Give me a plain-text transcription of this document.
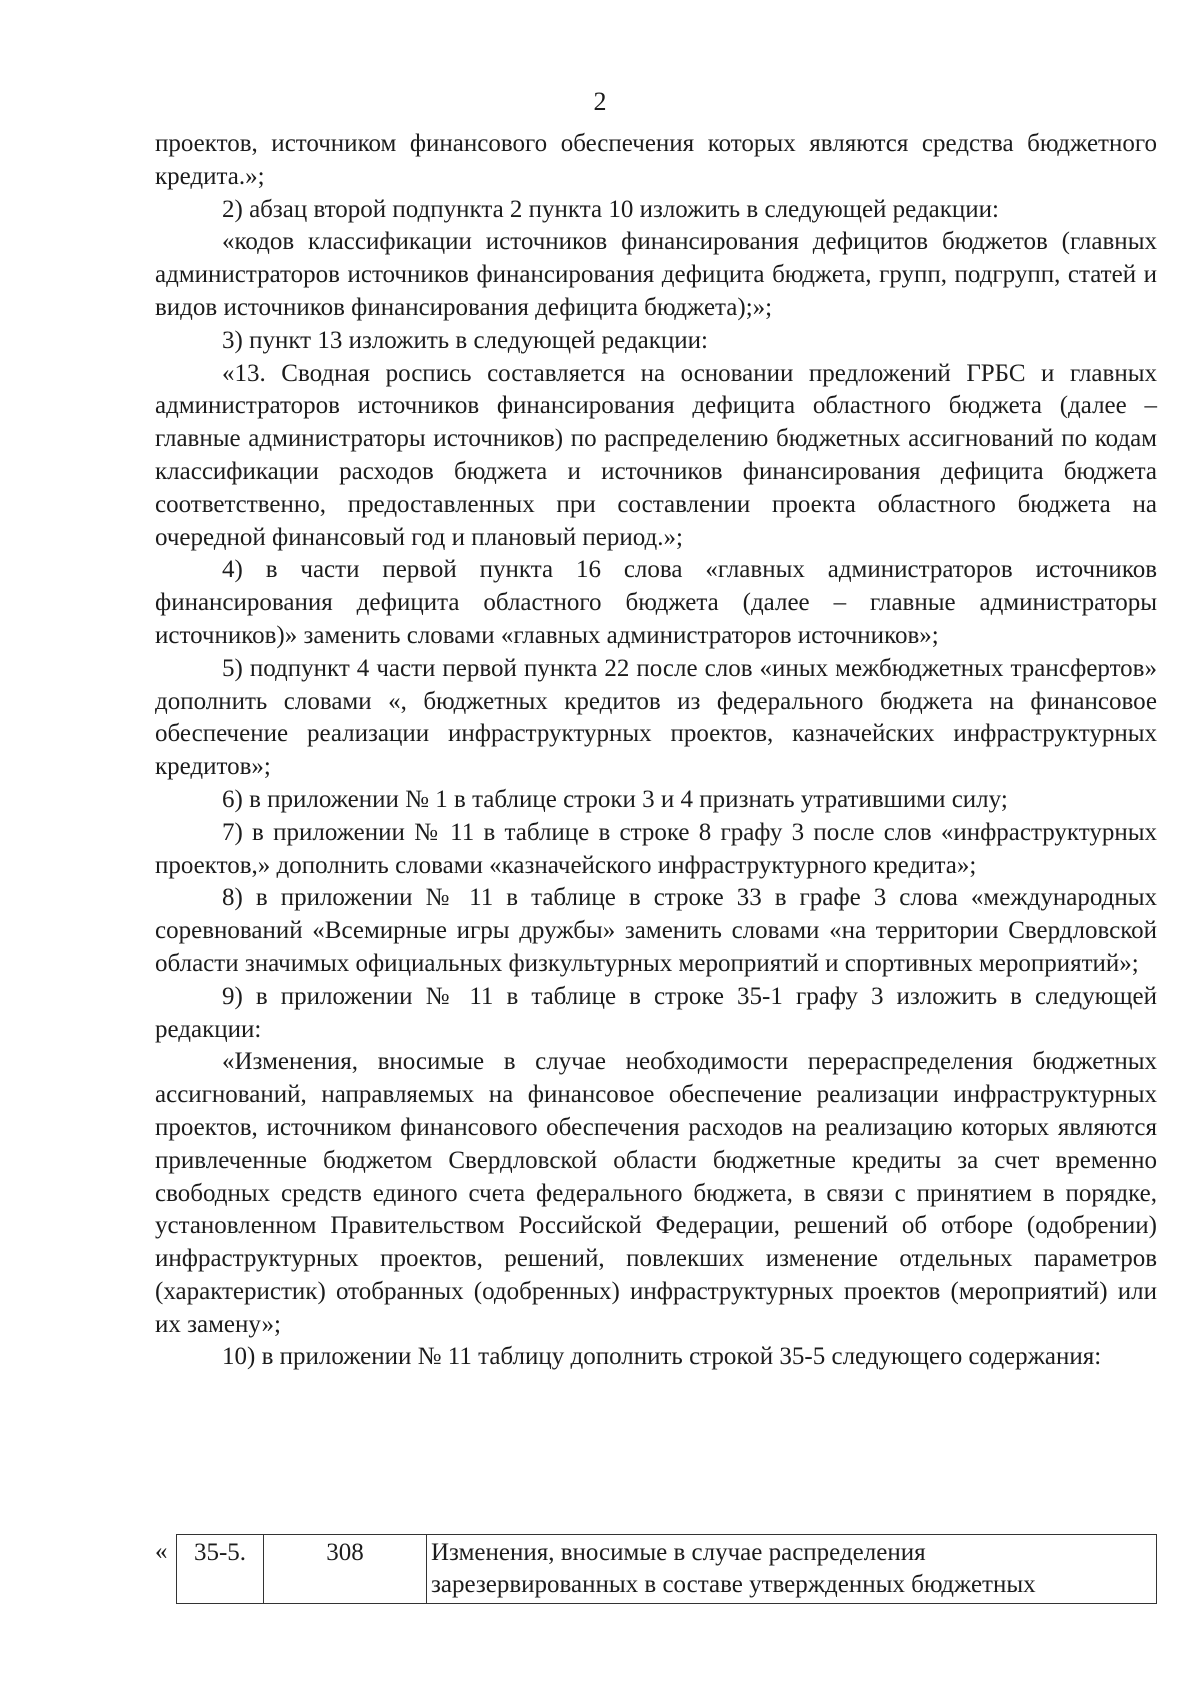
2

проектов, источником финансового обеспечения которых являются средства бюджетного кредита.»;

2) абзац второй подпункта 2 пункта 10 изложить в следующей редакции:

«кодов классификации источников финансирования дефицитов бюджетов (главных администраторов источников финансирования дефицита бюджета, групп, подгрупп, статей и видов источников финансирования дефицита бюджета);»;

3) пункт 13 изложить в следующей редакции:

«13. Сводная роспись составляется на основании предложений ГРБС и главных администраторов источников финансирования дефицита областного бюджета (далее – главные администраторы источников) по распределению бюджетных ассигнований по кодам классификации расходов бюджета и источников финансирования дефицита бюджета соответственно, предоставленных при составлении проекта областного бюджета на очередной финансовый год и плановый период.»;

4) в части первой пункта 16 слова «главных администраторов источников финансирования дефицита областного бюджета (далее – главные администраторы источников)» заменить словами «главных администраторов источников»;

5) подпункт 4 части первой пункта 22 после слов «иных межбюджетных трансфертов» дополнить словами «, бюджетных кредитов из федерального бюджета на финансовое обеспечение реализации инфраструктурных проектов, казначейских инфраструктурных кредитов»;

6) в приложении № 1 в таблице строки 3 и 4 признать утратившими силу;

7) в приложении № 11 в таблице в строке 8 графу 3 после слов «инфраструктурных проектов,» дополнить словами «казначейского инфраструктурного кредита»;

8) в приложении № 11 в таблице в строке 33 в графе 3 слова «международных соревнований «Всемирные игры дружбы» заменить словами «на территории Свердловской области значимых официальных физкультурных мероприятий и спортивных мероприятий»;

9) в приложении № 11 в таблице в строке 35-1 графу 3 изложить в следующей редакции:

«Изменения, вносимые в случае необходимости перераспределения бюджетных ассигнований, направляемых на финансовое обеспечение реализации инфраструктурных проектов, источником финансового обеспечения расходов на реализацию которых являются привлеченные бюджетом Свердловской области бюджетные кредиты за счет временно свободных средств единого счета федерального бюджета, в связи с принятием в порядке, установленном Правительством Российской Федерации, решений об отборе (одобрении) инфраструктурных проектов, решений, повлекших изменение отдельных параметров (характеристик) отобранных (одобренных) инфраструктурных проектов (мероприятий) или их замену»;

10) в приложении № 11 таблицу дополнить строкой 35-5 следующего содержания:

« 35-5.	308	Изменения, вносимые в случае распределения
зарезервированных в составе утвержденных бюджетных
